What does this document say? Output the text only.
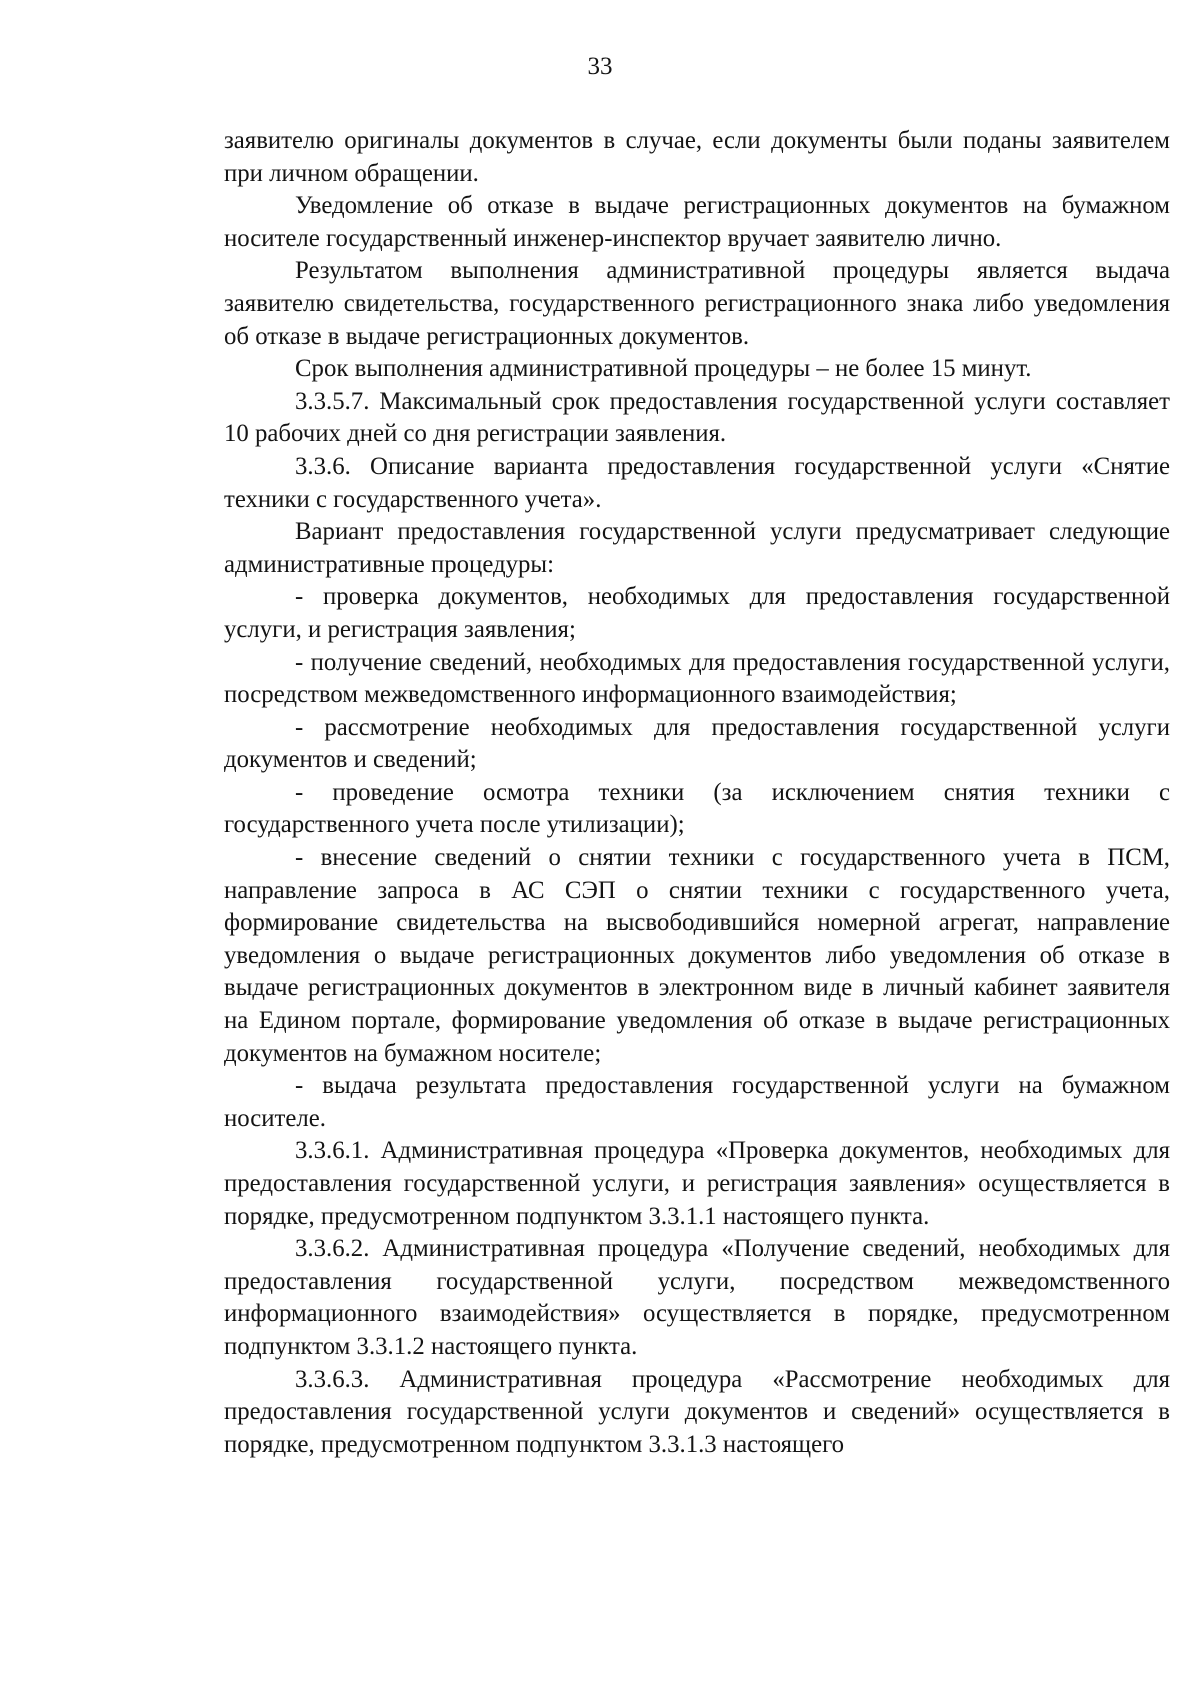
33

заявителю оригиналы документов в случае, если документы были поданы заявителем при личном обращении.

Уведомление об отказе в выдаче регистрационных документов на бумажном носителе государственный инженер-инспектор вручает заявителю лично.

Результатом выполнения административной процедуры является выдача заявителю свидетельства, государственного регистрационного знака либо уведомления об отказе в выдаче регистрационных документов.

Срок выполнения административной процедуры – не более 15 минут.

3.3.5.7. Максимальный срок предоставления государственной услуги составляет 10 рабочих дней со дня регистрации заявления.

3.3.6. Описание варианта предоставления государственной услуги «Снятие техники с государственного учета».

Вариант предоставления государственной услуги предусматривает следующие административные процедуры:

- проверка документов, необходимых для предоставления государственной услуги, и регистрация заявления;

- получение сведений, необходимых для предоставления государственной услуги, посредством межведомственного информационного взаимодействия;

- рассмотрение необходимых для предоставления государственной услуги документов и сведений;

- проведение осмотра техники (за исключением снятия техники с государственного учета после утилизации);

- внесение сведений о снятии техники с государственного учета в ПСМ, направление запроса в АС СЭП о снятии техники с государственного учета, формирование свидетельства на высвободившийся номерной агрегат, направление уведомления о выдаче регистрационных документов либо уведомления об отказе в выдаче регистрационных документов в электронном виде в личный кабинет заявителя на Едином портале, формирование уведомления об отказе в выдаче регистрационных документов на бумажном носителе;

- выдача результата предоставления государственной услуги на бумажном носителе.

3.3.6.1. Административная процедура «Проверка документов, необходимых для предоставления государственной услуги, и регистрация заявления» осуществляется в порядке, предусмотренном подпунктом 3.3.1.1 настоящего пункта.

3.3.6.2. Административная процедура «Получение сведений, необходимых для предоставления государственной услуги, посредством межведомственного информационного взаимодействия» осуществляется в порядке, предусмотренном подпунктом 3.3.1.2 настоящего пункта.

3.3.6.3. Административная процедура «Рассмотрение необходимых для предоставления государственной услуги документов и сведений» осуществляется в порядке, предусмотренном подпунктом 3.3.1.3 настоящего
